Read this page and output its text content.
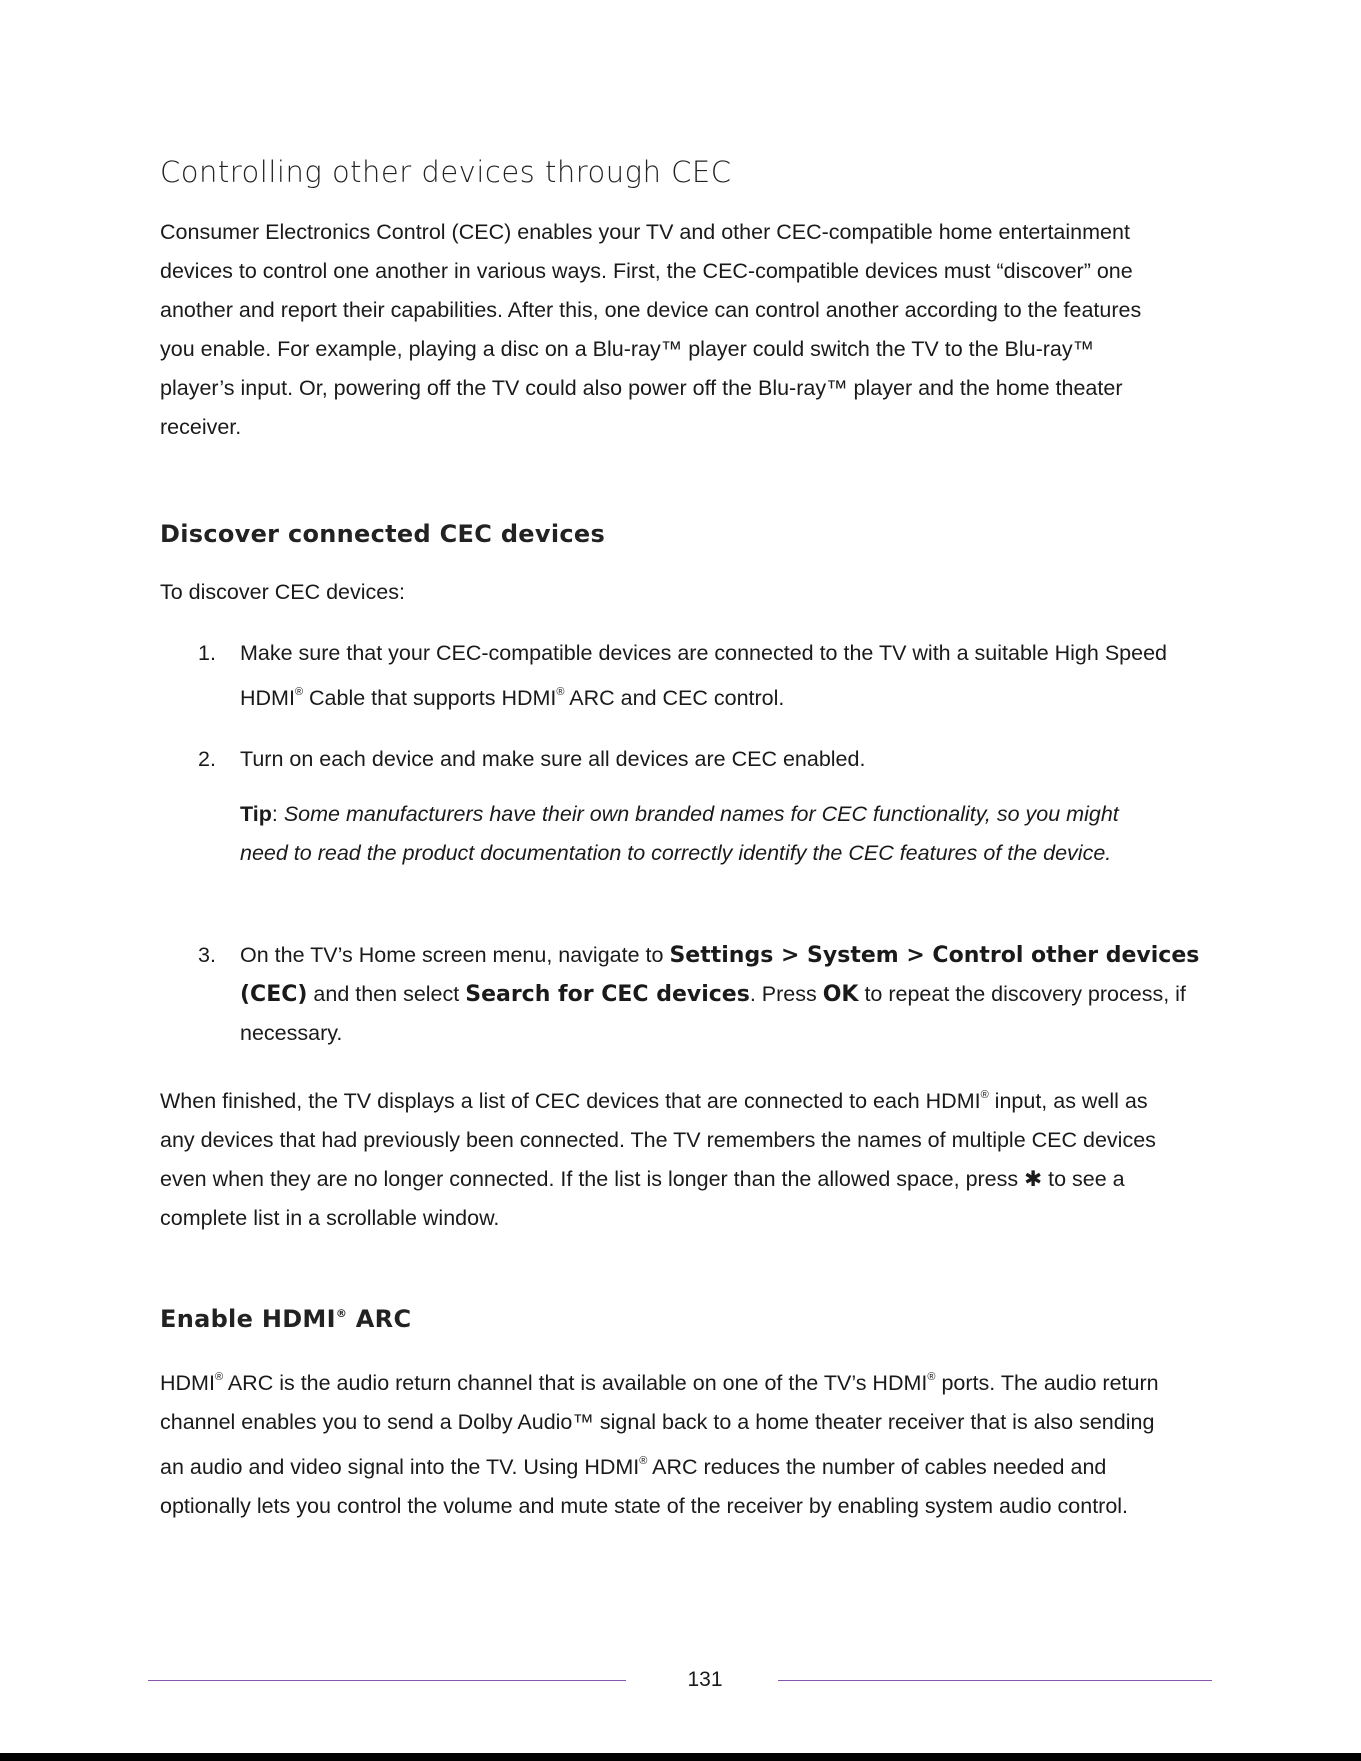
Controlling other devices through CEC

Consumer Electronics Control (CEC) enables your TV and other CEC-compatible home entertainment devices to control one another in various ways. First, the CEC-compatible devices must “discover” one another and report their capabilities. After this, one device can control another according to the features you enable. For example, playing a disc on a Blu-ray™ player could switch the TV to the Blu-ray™ player’s input. Or, powering off the TV could also power off the Blu-ray™ player and the home theater receiver.

Discover connected CEC devices

To discover CEC devices:

1. Make sure that your CEC-compatible devices are connected to the TV with a suitable High Speed HDMI® Cable that supports HDMI® ARC and CEC control.
2. Turn on each device and make sure all devices are CEC enabled.

Tip: Some manufacturers have their own branded names for CEC functionality, so you might need to read the product documentation to correctly identify the CEC features of the device.

3. On the TV’s Home screen menu, navigate to Settings > System > Control other devices (CEC) and then select Search for CEC devices. Press OK to repeat the discovery process, if necessary.

When finished, the TV displays a list of CEC devices that are connected to each HDMI® input, as well as any devices that had previously been connected. The TV remembers the names of multiple CEC devices even when they are no longer connected. If the list is longer than the allowed space, press ✱ to see a complete list in a scrollable window.

Enable HDMI® ARC

HDMI® ARC is the audio return channel that is available on one of the TV’s HDMI® ports. The audio return channel enables you to send a Dolby Audio™ signal back to a home theater receiver that is also sending an audio and video signal into the TV. Using HDMI® ARC reduces the number of cables needed and optionally lets you control the volume and mute state of the receiver by enabling system audio control.

131
